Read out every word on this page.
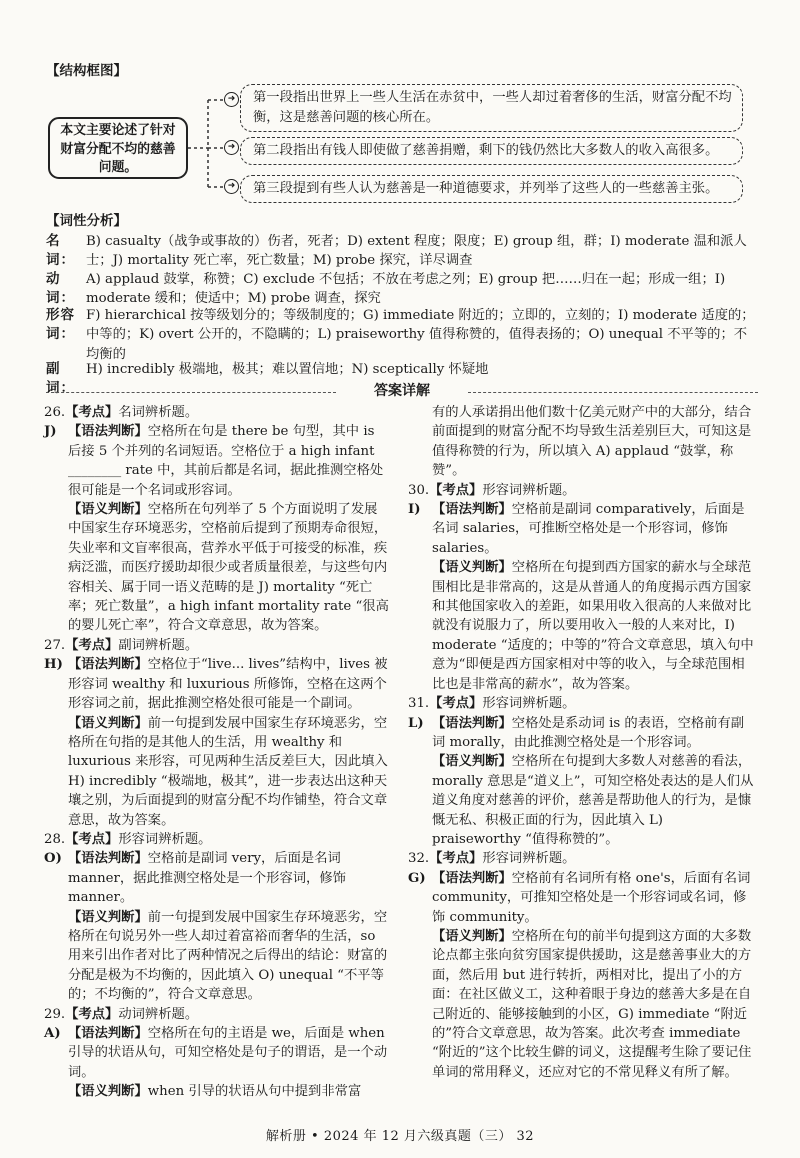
【结构框图】
本文主要论述了针对财富分配不均的慈善问题。
➜
➜
➜
第一段指出世界上一些人生活在赤贫中，一些人却过着奢侈的生活，财富分配不均衡，这是慈善问题的核心所在。
第二段指出有钱人即使做了慈善捐赠，剩下的钱仍然比大多数人的收入高很多。
第三段提到有些人认为慈善是一种道德要求，并列举了这些人的一些慈善主张。
【词性分析】
名 词：
B) casualty（战争或事故的）伤者，死者；D) extent 程度；限度；E) group 组，群；I) moderate 温和派人士；J) mortality 死亡率，死亡数量；M) probe 探究，详尽调查
动 词：
A) applaud 鼓掌，称赞；C) exclude 不包括；不放在考虑之列；E) group 把……归在一起；形成一组；I) moderate 缓和；使适中；M) probe 调查，探究
形容词：
F) hierarchical 按等级划分的；等级制度的；G) immediate 附近的；立即的，立刻的；I) moderate 适度的；中等的；K) overt 公开的，不隐瞒的；L) praiseworthy 值得称赞的，值得表扬的；O) unequal 不平等的；不均衡的
副 词：
H) incredibly 极端地，极其；难以置信地；N) sceptically 怀疑地
答案详解

26.【考点】名词辨析题。

J) 【语法判断】空格所在句是 there be 句型，其中 is 后接 5 个并列的名词短语。空格位于 a high infant ________ rate 中，其前后都是名词，据此推测空格处很可能是一个名词或形容词。

【语义判断】空格所在句列举了 5 个方面说明了发展中国家生存环境恶劣，空格前后提到了预期寿命很短，失业率和文盲率很高，营养水平低于可接受的标准，疾病泛滥，而医疗援助却很少或者质量很差，与这些句内容相关、属于同一语义范畴的是 J) mortality “死亡率；死亡数量”，a high infant mortality rate “很高的婴儿死亡率”，符合文章意思，故为答案。

27.【考点】副词辨析题。

H) 【语法判断】空格位于“live... lives”结构中，lives 被形容词 wealthy 和 luxurious 所修饰，空格在这两个形容词之前，据此推测空格处很可能是一个副词。

【语义判断】前一句提到发展中国家生存环境恶劣，空格所在句指的是其他人的生活，用 wealthy 和 luxurious 来形容，可见两种生活反差巨大，因此填入 H) incredibly “极端地，极其”，进一步表达出这种天壤之别，为后面提到的财富分配不均作铺垫，符合文章意思，故为答案。

28.【考点】形容词辨析题。

O) 【语法判断】空格前是副词 very，后面是名词 manner，据此推测空格处是一个形容词，修饰 manner。

【语义判断】前一句提到发展中国家生存环境恶劣，空格所在句说另外一些人却过着富裕而奢华的生活，so 用来引出作者对比了两种情况之后得出的结论：财富的分配是极为不均衡的，因此填入 O) unequal “不平等的；不均衡的”，符合文章意思。

29.【考点】动词辨析题。

A) 【语法判断】空格所在句的主语是 we，后面是 when 引导的状语从句，可知空格处是句子的谓语，是一个动词。

【语义判断】when 引导的状语从句中提到非常富

有的人承诺捐出他们数十亿美元财产中的大部分，结合前面提到的财富分配不均导致生活差别巨大，可知这是值得称赞的行为，所以填入 A) applaud “鼓掌，称赞”。

30.【考点】形容词辨析题。

I) 【语法判断】空格前是副词 comparatively，后面是名词 salaries，可推断空格处是一个形容词，修饰 salaries。

【语义判断】空格所在句提到西方国家的薪水与全球范围相比是非常高的，这是从普通人的角度揭示西方国家和其他国家收入的差距，如果用收入很高的人来做对比就没有说服力了，所以要用收入一般的人来对比，I) moderate “适度的；中等的”符合文章意思，填入句中意为“即便是西方国家相对中等的收入，与全球范围相比也是非常高的薪水”，故为答案。

31.【考点】形容词辨析题。

L) 【语法判断】空格处是系动词 is 的表语，空格前有副词 morally，由此推测空格处是一个形容词。

【语义判断】空格所在句提到大多数人对慈善的看法，morally 意思是“道义上”，可知空格处表达的是人们从道义角度对慈善的评价，慈善是帮助他人的行为，是慷慨无私、积极正面的行为，因此填入 L) praiseworthy “值得称赞的”。

32.【考点】形容词辨析题。

G) 【语法判断】空格前有名词所有格 one's，后面有名词 community，可推知空格处是一个形容词或名词，修饰 community。

【语义判断】空格所在句的前半句提到这方面的大多数论点都主张向贫穷国家提供援助，这是慈善事业大的方面，然后用 but 进行转折，两相对比，提出了小的方面：在社区做义工，这种着眼于身边的慈善大多是在自己附近的、能够接触到的小区，G) immediate “附近的”符合文章意思，故为答案。此次考查 immediate “附近的”这个比较生僻的词义，这提醒考生除了要记住单词的常用释义，还应对它的不常见释义有所了解。

解析册 • 2024 年 12 月六级真题（三） 32
